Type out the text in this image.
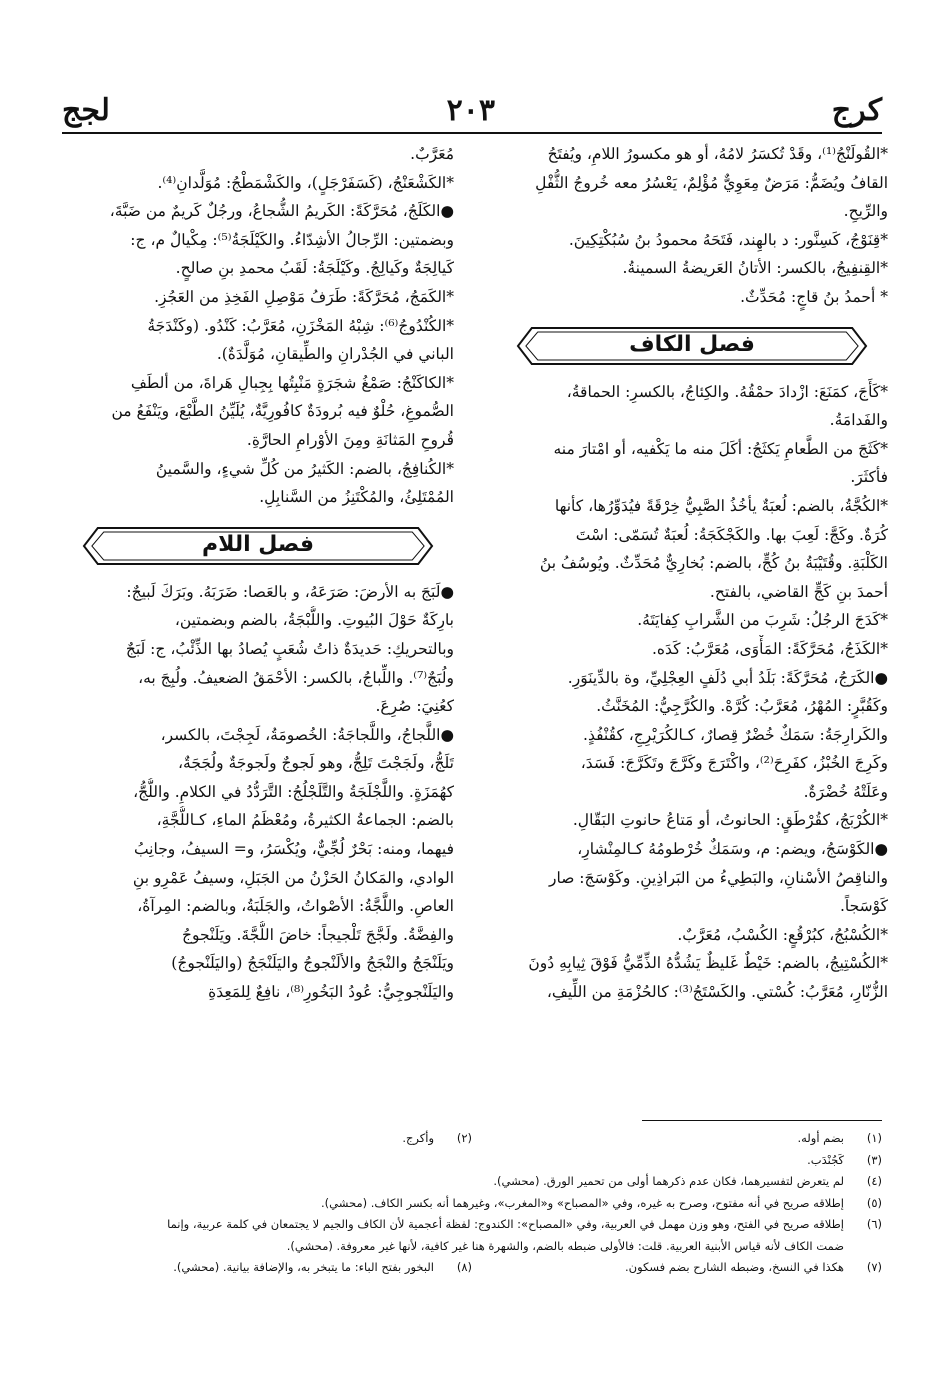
كرج
٢٠٣
لجج
*القُولَنْجُ⁽¹⁾، وقَدْ تُكسَرُ لامُهُ، أو هو مكسورُ اللامِ، ويُفتَحُ
القافُ ويُضَمُّ: مَرَضٌ مِعَوِيٌّ مُؤْلِمٌ، يَعْسُرُ معه خُروجُ الثُّفْلِ
والرِّيحِ.
*قِنَوْجُ، كَسِنَّور: د بالهِند، فَتَحَهُ محمودُ بنُ سُبُكْتِكِينَ.
*القِنفِيجُ، بالكسر: الأتانُ العَريضةُ السمينةُ.
* أحمدُ بنُ قاجٍ: مُحَدِّثٌ.
فصل الكاف
*كَأَجَ، كمَنَعَ: ازْدادَ حمْقُهُ. والكِئاجُ، بالكسرِ: الحماقةُ،
والفَدامَةُ.
*كَثَجَ من الطَّعامِ يَكثَجُ: أكَلَ منه ما يَكْفيه، أو امْتارَ منه
فأكثَرَ.
*الكُجَّةُ، بالضم: لُعبَةٌ يأخُذُ الصَّبِيُّ خِرْقَةً فيُدَوِّرُها، كأنها
كُرَةٌ. وكَجَّ: لَعِبَ بها. والكَجْكَجَةُ: لُعبَةٌ تُسَمّى: اسْتَ
الكَلْبَةِ. وقُتَيْبَةُ بنُ كُجٍّ، بالضم: بُخارِيٌّ مُحَدِّثٌ. ويُوسُفُ بنُ
أحمدَ بنِ كَجٍّ القاضي، بالفتح.
*كَدَجَ الرجُلُ: شَرِبَ من الشَّرابِ كِفايَتَهُ.
*الكَذَجُ، مُحَرَّكَةً: المَأْوَى، مُعَرَّبُ: كَدَه.
●الكَرَجُ، مُحَرَّكَةً: بَلَدُ أبي دُلَفٍ العِجْلِيِّ، وة بالدِّينَوَرِ.
وكَقُبَّرٍ: المُهْرُ، مُعَرَّبُ: كُرَّهْ. والكُرَّجِيُّ: المُخَنَّثُ.
والكَرارِجَةُ: سَمَكٌ خُضْرٌ قِصارٌ، كـالكُرَيْرِجِ، كقُنْفُذٍ.
وكَرِجَ الخُبْزُ، كفَرِحَ⁽²⁾، واكْتَرَجَ وكَرَّجَ وتَكَرَّجَ: فَسَدَ،
وعَلَتْهُ خُضْرَةٌ.
*الكُرْبَجُ، كقُرْطَقٍ: الحانوتُ، أو مَتاعُ حانوتِ البَقّالِ.
●الكَوْسَجُ، ويضم: م، وسَمَكٌ خُرْطومُهُ كـالمِنْشارِ،
والناقِصُ الأسْنانِ، والبَطِيءُ من البَراذِينِ. وكَوْسَجَ: صار
كَوْسَجاً.
*الكُسْبُجُ، كبُرْقُعٍ: الكُسْبُ، مُعَرَّبٌ.
*الكُسْتِيجُ، بالضم: خَيْطٌ غَليظٌ يَشُدُّهُ الذِّمِّيُّ فَوْقَ ثِيابِهِ دُونَ
الزُّنّارِ، مُعَرَّبُ: كُسْتي. والكَسْتَجُ⁽³⁾: كالحُزْمَةِ من اللِّيفِ،
مُعَرَّبٌ.
*الكَشْعَنْجُ، (كَسَفَرْجَلٍ)، والكَشْمَطْجُ: مُوَلَّدانِ⁽⁴⁾.
●الكَلَجُ، مُحَرَّكَةً: الكَريمُ الشُّجاعُ، ورجُلٌ كَريمٌ من ضَبَّةَ،
وبضمتين: الرِّجالُ الأشِدّاءُ. والكَيْلَجَةُ⁽⁵⁾: مِكْيالٌ م، ج:
كَيالِجَةٌ وكَيالِجُ. وكَيْلَجَةُ: لَقَبُ محمدِ بنِ صالحٍ.
*الكَمَجُ، مُحَرَّكَةً: طَرَفُ مَوْصِلِ الفَخِذِ من العَجُزِ.
*الكُنْدُوجُ⁽⁶⁾: شِبْهُ المَخْزَنِ، مُعَرَّبُ: كَنْدُو. (وكَنْدَجَةُ
الباني في الجُدْرانِ والطِّيقانِ، مُوَلَّدَةٌ).
*الكاكَنْجُ: صَمْغُ شجَرَةٍ مَنْبِتُها بِجِبالِ هَراةَ، من ألطَفِ
الصُّموغِ، حُلْوٌ فيه بُرودَةٌ كافُورِيَّةٌ، يُلَيِّنُ الطَّبْعَ، ويَنْفَعُ من
قُروحِ المَثانَةِ ومِنَ الأوْرامِ الحارَّةِ.
*الكُنافِجُ، بالضم: الكَثيرُ من كُلِّ شيءٍ، والسَّمينُ
المُمْتَلِئُ، والمُكْتَنِزُ من السَّنابِلِ.
فصل اللام
●لَبَجَ به الأرضَ: صَرَعَهُ، و بالعَصا: ضَرَبَهُ. وبَرَكَ لَبيجٌ:
بارِكَةٌ حَوْلَ البُيوتِ. واللُّبْجَةُ، بالضم وبضمتين،
وبالتحريكِ: حَديدَةٌ ذاتُ شُعَبٍ يُصادُ بها الذِّئْبُ، ج: لَبَجٌ
ولُبَجٌ⁽⁷⁾. واللِّباجُ، بالكسر: الأحْمَقُ الضعيفُ. ولُبِجَ به،
كعُنِيَ: صُرِعَ.
●اللَّجاجُ، واللَّجاجَةُ: الخُصومَةُ، لَجِجْتَ، بالكسر،
تَلَجُّ، ولَجَجْتَ تَلِجُّ، وهو لَجوجٌ ولَجوجَةٌ ولُجَجَةٌ،
كهُمَزَةٍ. واللَّجْلَجَةُ والتَّلَجْلُجُ: التَّرَدُّدُ في الكلامِ. واللُّجُّ،
بالضم: الجماعةُ الكثيرةُ، ومُعْظَمُ الماءِ، كـاللُّجَّةِ،
فيهما، ومنه: بَحْرٌ لُجِّيٌّ، ويُكْسَرُ، و= السيفُ، وجانِبُ
الوادي، والمَكانُ الحَزْنُ من الجَبَلِ، وسيفُ عَمْرِو بنِ
العاصِ. واللَّجَّةُ: الأصْواتُ، والجَلَبَةُ، وبالضم: المِرآةُ،
والفِضَّةُ. ولَجَّجَ تَلْجيجاً: خاضَ اللُّجَّةَ. ويَلَنْجوجُ
ويَلَنْجَجُ والنْجَجُ والألَنْجوجُ واليَلَنْجَجُ (واليَلَنْجوجُ)
واليَلَنْجوجِيُّ: عُودُ البَخُورِ⁽⁸⁾، نافِعٌ لِلمَعِدَةِ
(١)
بضم أوله.
(٢)
وأكرج.
(٣)
كَجُنْدَب.
(٤)
لم يتعرض لتفسيرهما، فكان عدم ذكرهما أولى من تحمير الورق. (محشي).
(٥)
إطلاقه صريح في أنه مفتوح، وصرح به غيره، وفي «المصباح» و«المغرب»، وغيرهما أنه بكسر الكاف. (محشي).
(٦)
إطلاقه صريح في الفتح، وهو وزن مهمل في العربية، وفي «المصباح»: الكندوج: لفظة أعجمية لأن الكاف والجيم لا يجتمعان في كلمة عربية، وإنما
ضمت الكاف لأنه قياس الأبنية العربية. قلت: فالأولى ضبطه بالضم، والشهرة هنا غير كافية، لأنها غير معروفة. (محشي).
(٧)
هكذا في النسخ، وضبطه الشارح بضم فسكون.
(٨)
البخور بفتح الباء: ما يتبخر به، والإضافة بيانية. (محشي).
